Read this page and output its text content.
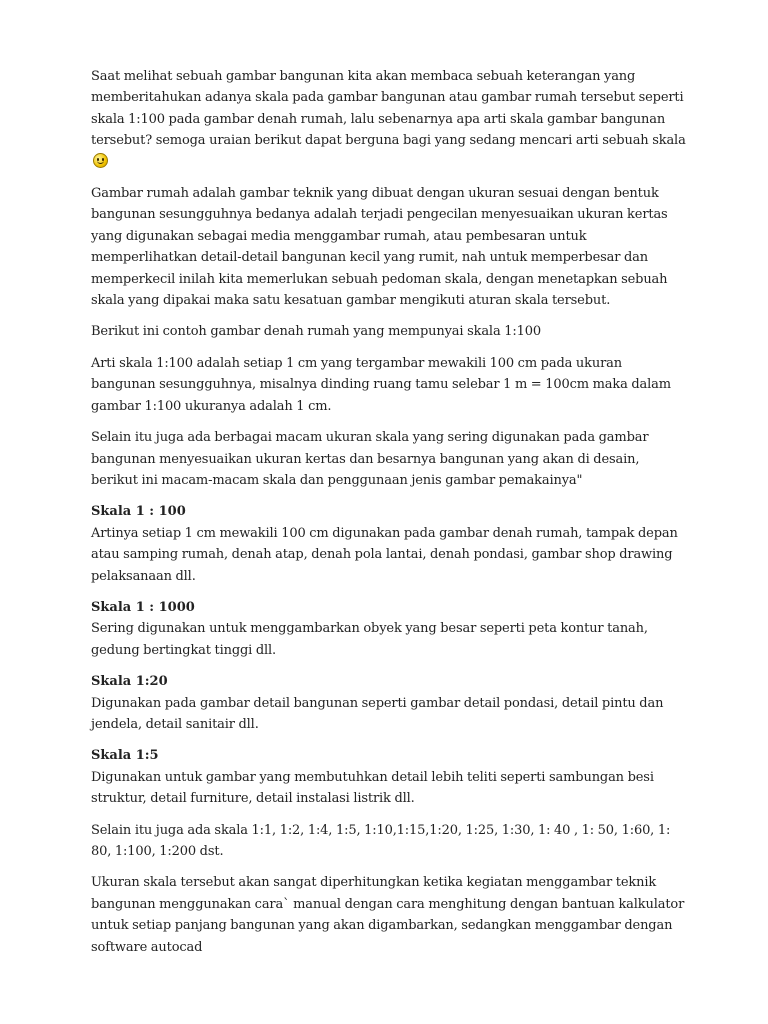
Saat melihat sebuah gambar bangunan kita akan membaca sebuah keterangan yang memberitahukan adanya skala pada gambar bangunan atau gambar rumah tersebut seperti skala 1:100 pada gambar denah rumah, lalu sebenarnya apa arti skala gambar bangunan tersebut? semoga uraian berikut dapat berguna bagi yang sedang mencari arti sebuah skala

Gambar rumah adalah gambar teknik yang dibuat dengan ukuran sesuai dengan bentuk bangunan sesungguhnya bedanya adalah terjadi pengecilan menyesuaikan ukuran kertas yang digunakan sebagai media menggambar rumah, atau pembesaran untuk memperlihatkan detail-detail bangunan kecil yang rumit, nah untuk memperbesar dan memperkecil inilah kita memerlukan sebuah pedoman skala, dengan menetapkan sebuah skala yang dipakai maka satu kesatuan gambar mengikuti aturan skala tersebut.

Berikut ini contoh gambar denah rumah yang mempunyai skala 1:100

Arti skala 1:100 adalah setiap 1 cm yang tergambar mewakili 100 cm pada ukuran bangunan sesungguhnya, misalnya dinding ruang tamu selebar 1 m = 100cm maka dalam gambar 1:100 ukuranya adalah 1 cm.

Selain itu juga ada berbagai macam ukuran skala yang sering digunakan pada gambar bangunan menyesuaikan ukuran kertas dan besarnya bangunan yang akan di desain, berikut ini macam-macam skala dan penggunaan jenis gambar pemakainya"

Skala 1 : 100

Artinya setiap 1 cm mewakili 100 cm digunakan pada gambar denah rumah, tampak depan atau samping rumah, denah atap, denah pola lantai, denah pondasi, gambar shop drawing pelaksanaan dll.

Skala 1 : 1000

Sering digunakan untuk menggambarkan obyek yang besar seperti peta kontur tanah, gedung bertingkat tinggi dll.

Skala 1:20

Digunakan pada gambar detail bangunan seperti gambar detail pondasi, detail pintu dan jendela, detail sanitair dll.

Skala 1:5

Digunakan untuk gambar yang membutuhkan detail lebih teliti seperti sambungan besi struktur, detail furniture, detail instalasi listrik dll.

Selain itu juga ada skala 1:1, 1:2, 1:4, 1:5, 1:10,1:15,1:20, 1:25, 1:30, 1: 40 , 1: 50, 1:60, 1: 80, 1:100, 1:200 dst.

Ukuran skala tersebut akan sangat diperhitungkan ketika kegiatan menggambar teknik bangunan menggunakan cara` manual dengan cara menghitung dengan bantuan kalkulator untuk setiap panjang bangunan yang akan digambarkan, sedangkan menggambar dengan software autocad
